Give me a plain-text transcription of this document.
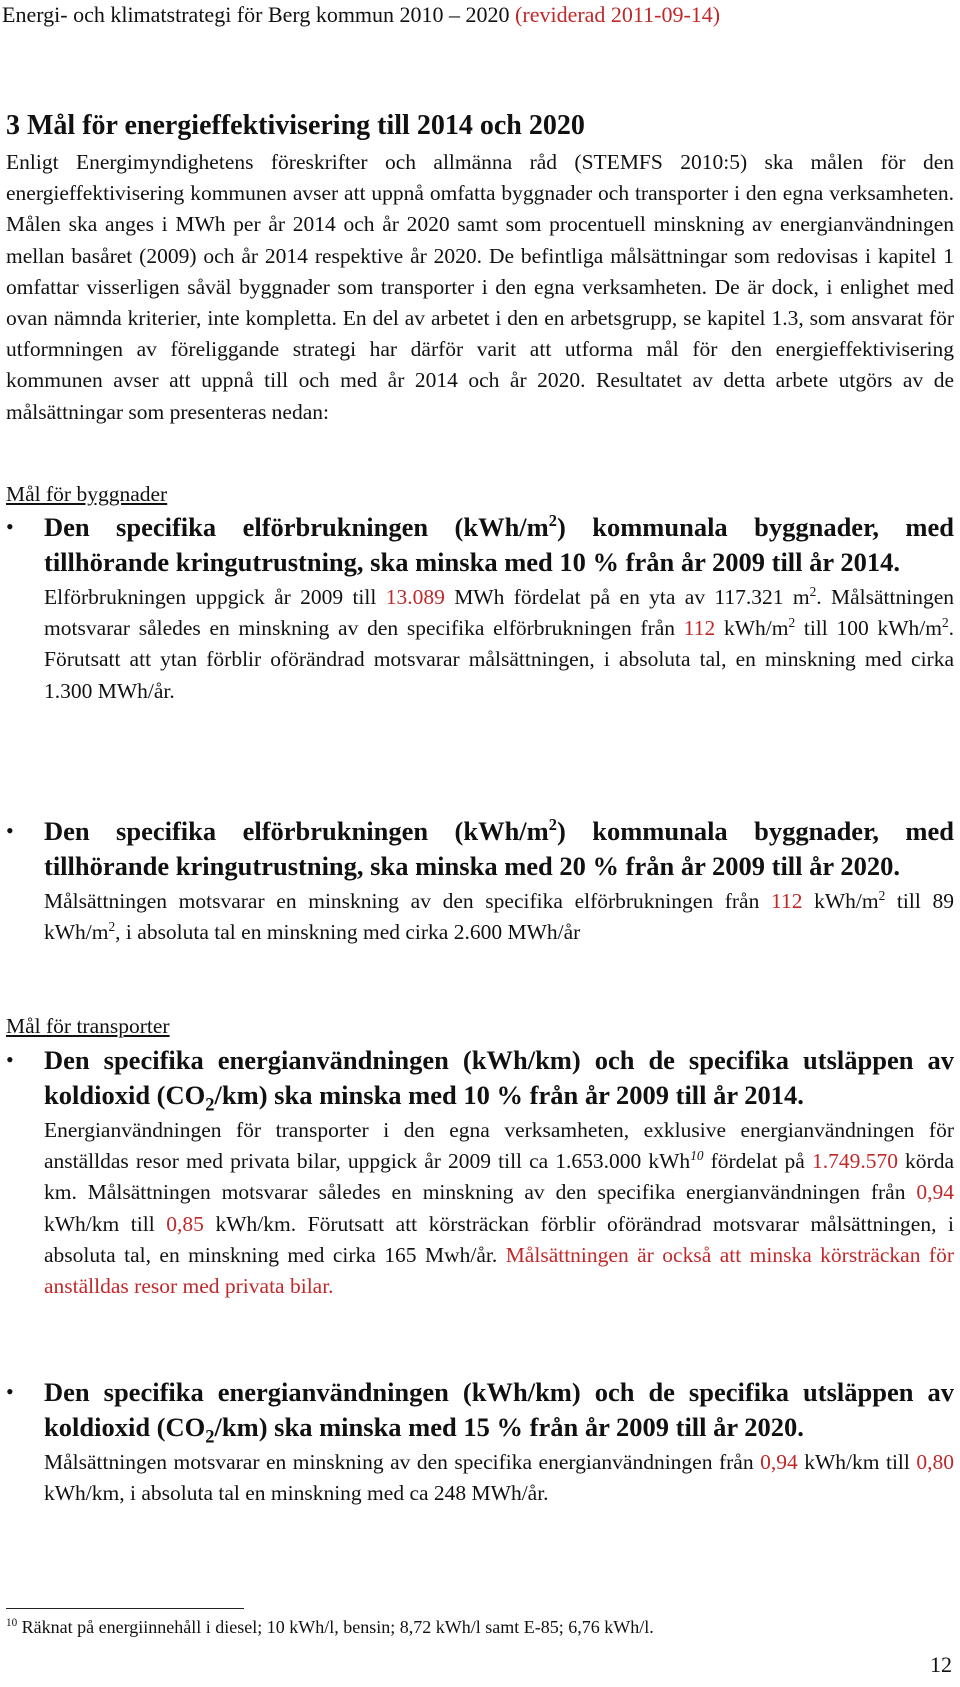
Energi- och klimatstrategi för Berg kommun 2010 – 2020 (reviderad 2011-09-14)
3 Mål för energieffektivisering till 2014 och 2020
Enligt Energimyndighetens föreskrifter och allmänna råd (STEMFS 2010:5) ska målen för den energieffektivisering kommunen avser att uppnå omfatta byggnader och transporter i den egna verksamheten. Målen ska anges i MWh per år 2014 och år 2020 samt som procentuell minskning av energianvändningen mellan basåret (2009) och år 2014 respektive år 2020. De befintliga målsättningar som redovisas i kapitel 1 omfattar visserligen såväl byggnader som transporter i den egna verksamheten. De är dock, i enlighet med ovan nämnda kriterier, inte kompletta. En del av arbetet i den en arbetsgrupp, se kapitel 1.3, som ansvarat för utformningen av föreliggande strategi har därför varit att utforma mål för den energieffektivisering kommunen avser att uppnå till och med år 2014 och år 2020. Resultatet av detta arbete utgörs av de målsättningar som presenteras nedan:
Mål för byggnader
• Den specifika elförbrukningen $(kWh/m^2)$ kommunala byggnader, med tillhörande kringutrustning, ska minska med 10 % från år 2009 till år 2014.
Elförbrukningen uppgick år 2009 till 13.089 MWh fördelat på en yta av 117.321 $m^2$. Målsättningen motsvarar således en minskning av den specifika elförbrukningen från 112 kWh/$m^2$ till 100 kWh/$m^2$. Förutsatt att ytan förblir oförändrad motsvarar målsättningen, i absoluta tal, en minskning med cirka 1.300 MWh/år.
• Den specifika elförbrukningen $(kWh/m^2)$ kommunala byggnader, med tillhörande kringutrustning, ska minska med 20 % från år 2009 till år 2020.
Målsättningen motsvarar en minskning av den specifika elförbrukningen från 112 kWh/$m^2$ till 89 kWh/$m^2$, i absoluta tal en minskning med cirka 2.600 MWh/år
Mål för transporter
• Den specifika energianvändningen (kWh/km) och de specifika utsläppen av koldioxid $(CO_2/km)$ ska minska med 10 % från år 2009 till år 2014.
Energianvändningen för transporter i den egna verksamheten, exklusive energianvändningen för anställdas resor med privata bilar, uppgick år 2009 till ca 1.653.000 kWh$^{10}$ fördelat på 1.749.570 körda km. Målsättningen motsvarar således en minskning av den specifika energianvändningen från 0,94 kWh/km till 0,85 kWh/km. Förutsatt att körsträckan förblir oförändrad motsvarar målsättningen, i absoluta tal, en minskning med cirka 165 Mwh/år. Målsättningen är också att minska körsträckan för anställdas resor med privata bilar.
• Den specifika energianvändningen (kWh/km) och de specifika utsläppen av koldioxid $(CO_2/km)$ ska minska med 15 % från år 2009 till år 2020.
Målsättningen motsvarar en minskning av den specifika energianvändningen från 0,94 kWh/km till 0,80 kWh/km, i absoluta tal en minskning med ca 248 MWh/år.
$^{10}$ Räknat på energiinnehåll i diesel; 10 kWh/l, bensin; 8,72 kWh/l samt E-85; 6,76 kWh/l.
12
